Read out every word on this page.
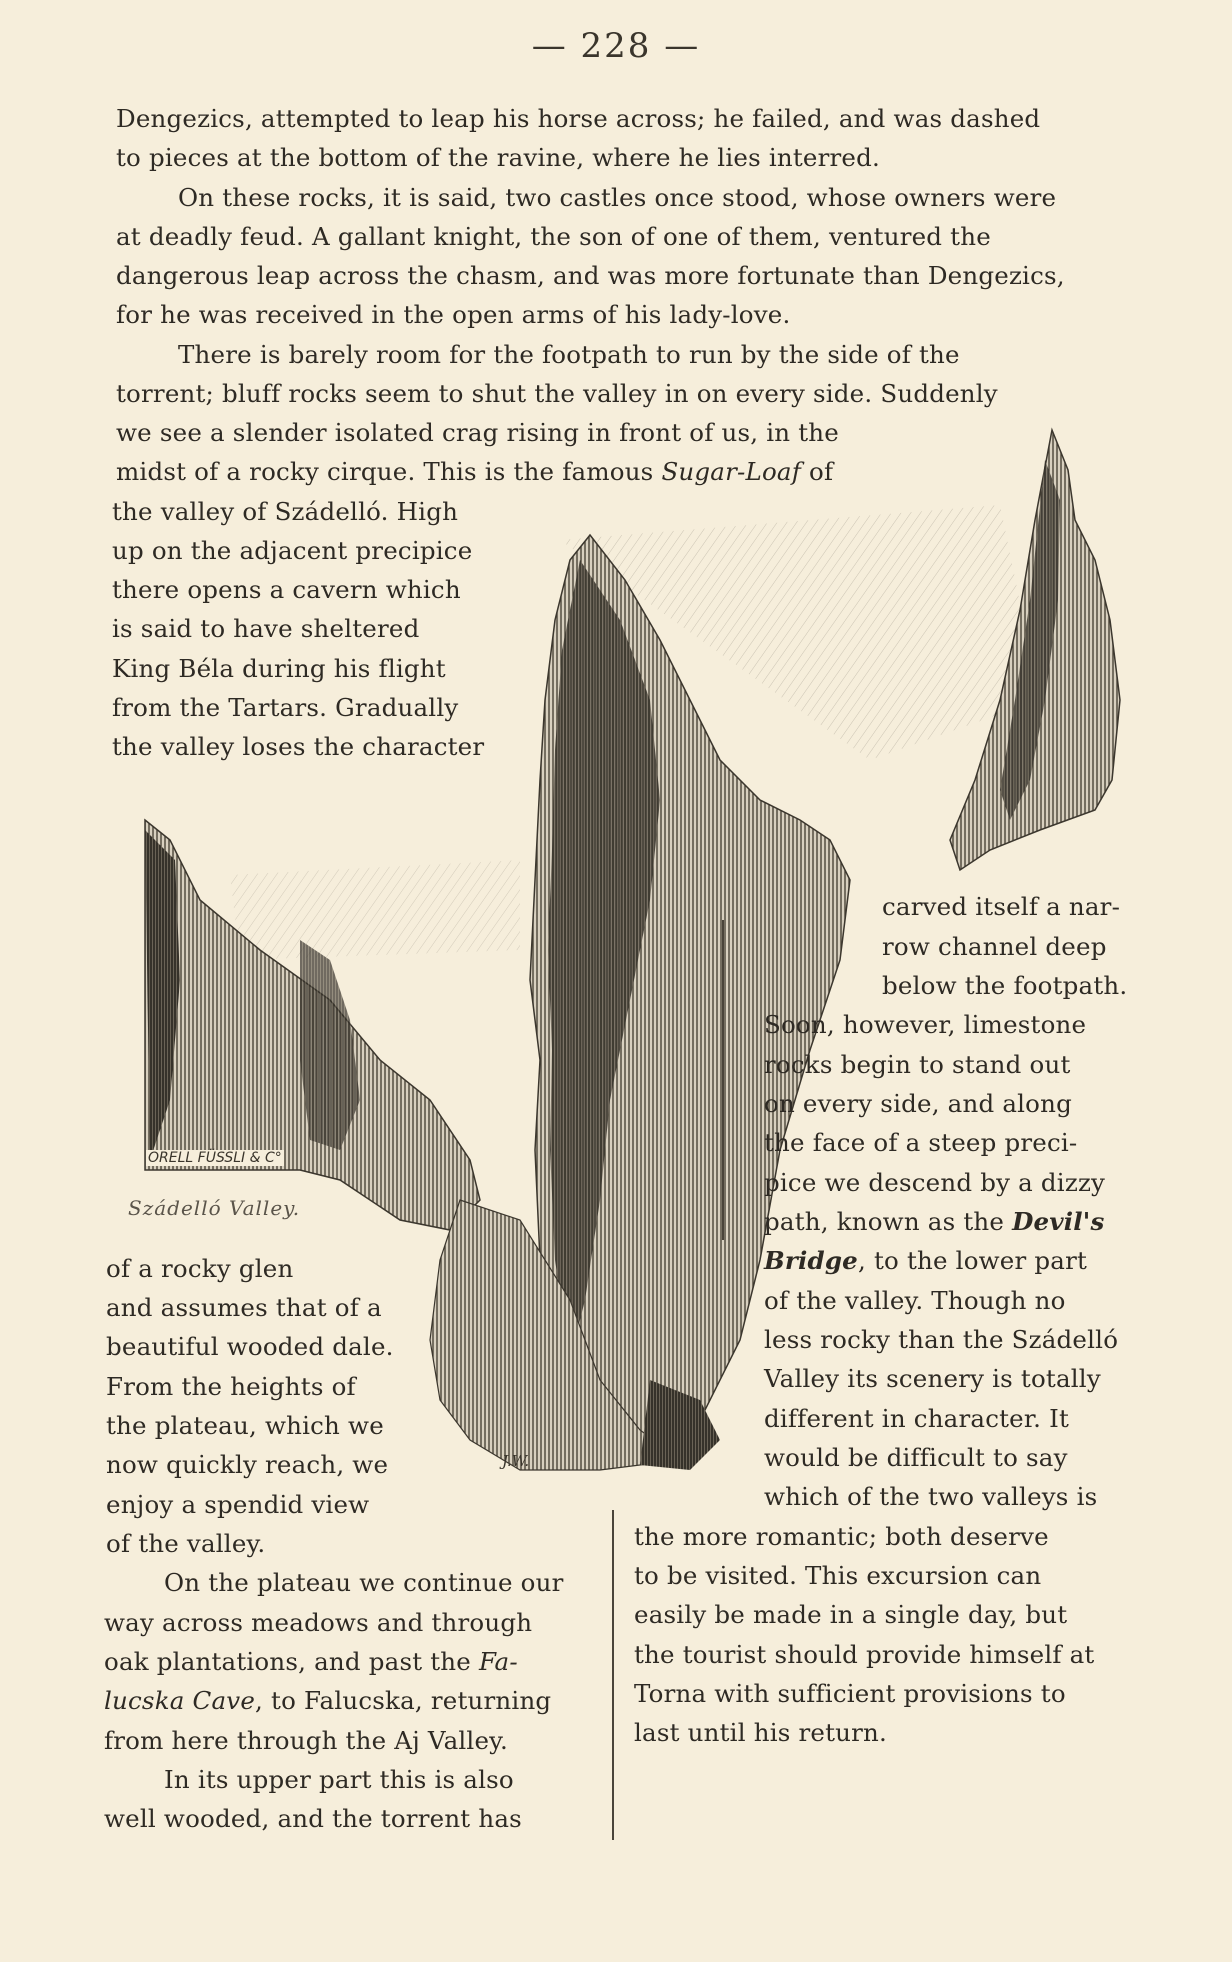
— 228 —
ORELL FÜSSLI & C°
Szádelló Valley.
J.W.
Dengezics, attempted to leap his horse across; he failed, and was dashed
to pieces at the bottom of the ravine, where he lies interred.
On these rocks, it is said, two castles once stood, whose owners were
at deadly feud. A gallant knight, the son of one of them, ventured the
dangerous leap across the chasm, and was more fortunate than Dengezics,
for he was received in the open arms of his lady-love.
There is barely room for the footpath to run by the side of the
torrent; bluff rocks seem to shut the valley in on every side. Suddenly
we see a slender isolated crag rising in front of us, in the
midst of a rocky cirque. This is the famous Sugar-Loaf of
the valley of Szádelló. High
up on the adjacent precipice
there opens a cavern which
is said to have sheltered
King Béla during his flight
from the Tartars. Gradually
the valley loses the character
carved itself a nar-
row channel deep
below the footpath.
Soon, however, limestone
rocks begin to stand out
on every side, and along
the face of a steep preci-
pice we descend by a dizzy
path, known as the Devil's
Bridge, to the lower part
of the valley. Though no
less rocky than the Szádelló
Valley its scenery is totally
different in character. It
would be difficult to say
which of the two valleys is
the more romantic; both deserve
to be visited. This excursion can
easily be made in a single day, but
the tourist should provide himself at
Torna with sufficient provisions to
last until his return.
of a rocky glen
and assumes that of a
beautiful wooded dale.
From the heights of
the plateau, which we
now quickly reach, we
enjoy a spendid view
of the valley.
On the plateau we continue our
way across meadows and through
oak plantations, and past the Fa-
lucska Cave, to Falucska, returning
from here through the Aj Valley.
In its upper part this is also
well wooded, and the torrent has
